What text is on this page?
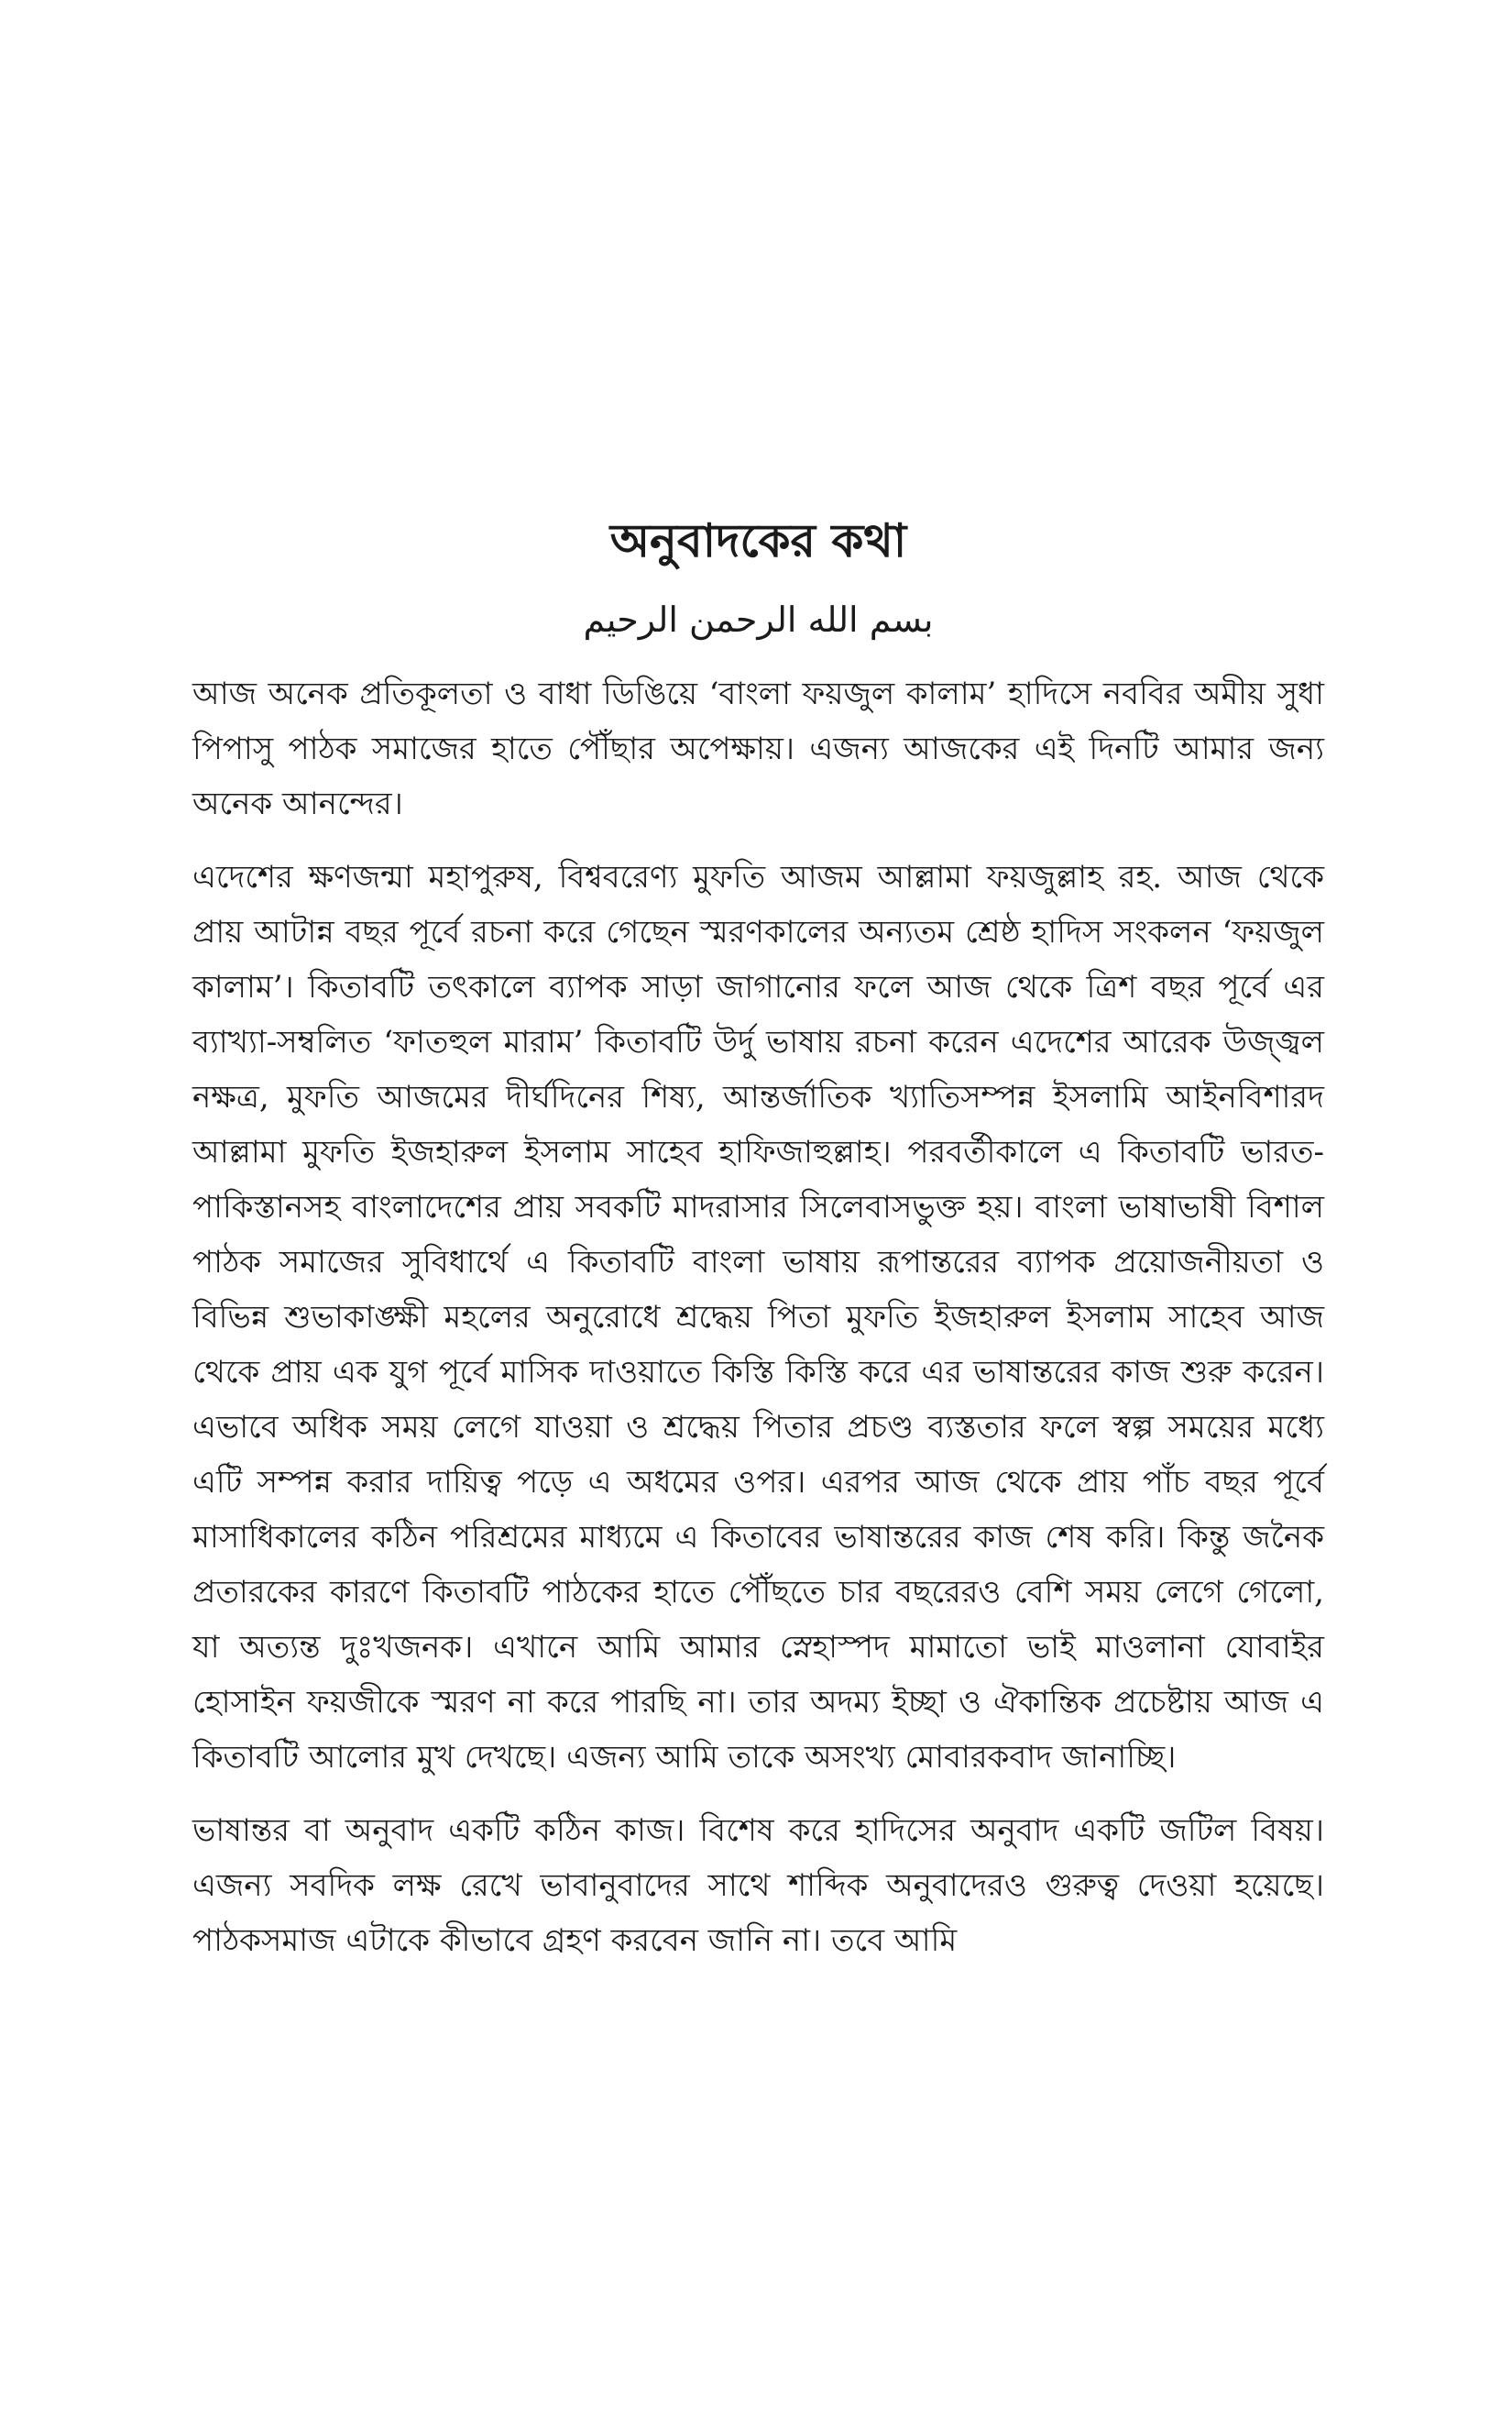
অনুবাদকের কথা
بسم الله الرحمن الرحيم

আজ অনেক প্রতিকূলতা ও বাধা ডিঙিয়ে ‘বাংলা ফয়জুল কালাম’ হাদিসে নববির অমীয় সুধা পিপাসু পাঠক সমাজের হাতে পৌঁছার অপেক্ষায়। এজন্য আজকের এই দিনটি আমার জন্য অনেক আনন্দের।

এদেশের ক্ষণজন্মা মহাপুরুষ, বিশ্ববরেণ্য মুফতি আজম আল্লামা ফয়জুল্লাহ রহ. আজ থেকে প্রায় আটান্ন বছর পূর্বে রচনা করে গেছেন স্মরণকালের অন্যতম শ্রেষ্ঠ হাদিস সংকলন ‘ফয়জুল কালাম’। কিতাবটি তৎকালে ব্যাপক সাড়া জাগানোর ফলে আজ থেকে ত্রিশ বছর পূর্বে এর ব্যাখ্যা-সম্বলিত ‘ফাতহুল মারাম’ কিতাবটি উর্দু ভাষায় রচনা করেন এদেশের আরেক উজ্জ্বল নক্ষত্র, মুফতি আজমের দীর্ঘদিনের শিষ্য, আন্তর্জাতিক খ্যাতিসম্পন্ন ইসলামি আইনবিশারদ আল্লামা মুফতি ইজহারুল ইসলাম সাহেব হাফিজাহুল্লাহ। পরবর্তীকালে এ কিতাবটি ভারত-পাকিস্তানসহ বাংলাদেশের প্রায় সবকটি মাদরাসার সিলেবাসভুক্ত হয়। বাংলা ভাষাভাষী বিশাল পাঠক সমাজের সুবিধার্থে এ কিতাবটি বাংলা ভাষায় রূপান্তরের ব্যাপক প্রয়োজনীয়তা ও বিভিন্ন শুভাকাঙ্ক্ষী মহলের অনুরোধে শ্রদ্ধেয় পিতা মুফতি ইজহারুল ইসলাম সাহেব আজ থেকে প্রায় এক যুগ পূর্বে মাসিক দাওয়াতে কিস্তি কিস্তি করে এর ভাষান্তরের কাজ শুরু করেন। এভাবে অধিক সময় লেগে যাওয়া ও শ্রদ্ধেয় পিতার প্রচণ্ড ব্যস্ততার ফলে স্বল্প সময়ের মধ্যে এটি সম্পন্ন করার দায়িত্ব পড়ে এ অধমের ওপর। এরপর আজ থেকে প্রায় পাঁচ বছর পূর্বে মাসাধিকালের কঠিন পরিশ্রমের মাধ্যমে এ কিতাবের ভাষান্তরের কাজ শেষ করি। কিন্তু জনৈক প্রতারকের কারণে কিতাবটি পাঠকের হাতে পৌঁছতে চার বছরেরও বেশি সময় লেগে গেলো, যা অত্যন্ত দুঃখজনক। এখানে আমি আমার স্নেহাস্পদ মামাতো ভাই মাওলানা যোবাইর হোসাইন ফয়জীকে স্মরণ না করে পারছি না। তার অদম্য ইচ্ছা ও ঐকান্তিক প্রচেষ্টায় আজ এ কিতাবটি আলোর মুখ দেখছে। এজন্য আমি তাকে অসংখ্য মোবারকবাদ জানাচ্ছি।

ভাষান্তর বা অনুবাদ একটি কঠিন কাজ। বিশেষ করে হাদিসের অনুবাদ একটি জটিল বিষয়। এজন্য সবদিক লক্ষ রেখে ভাবানুবাদের সাথে শাব্দিক অনুবাদেরও গুরুত্ব দেওয়া হয়েছে। পাঠকসমাজ এটাকে কীভাবে গ্রহণ করবেন জানি না। তবে আমি
